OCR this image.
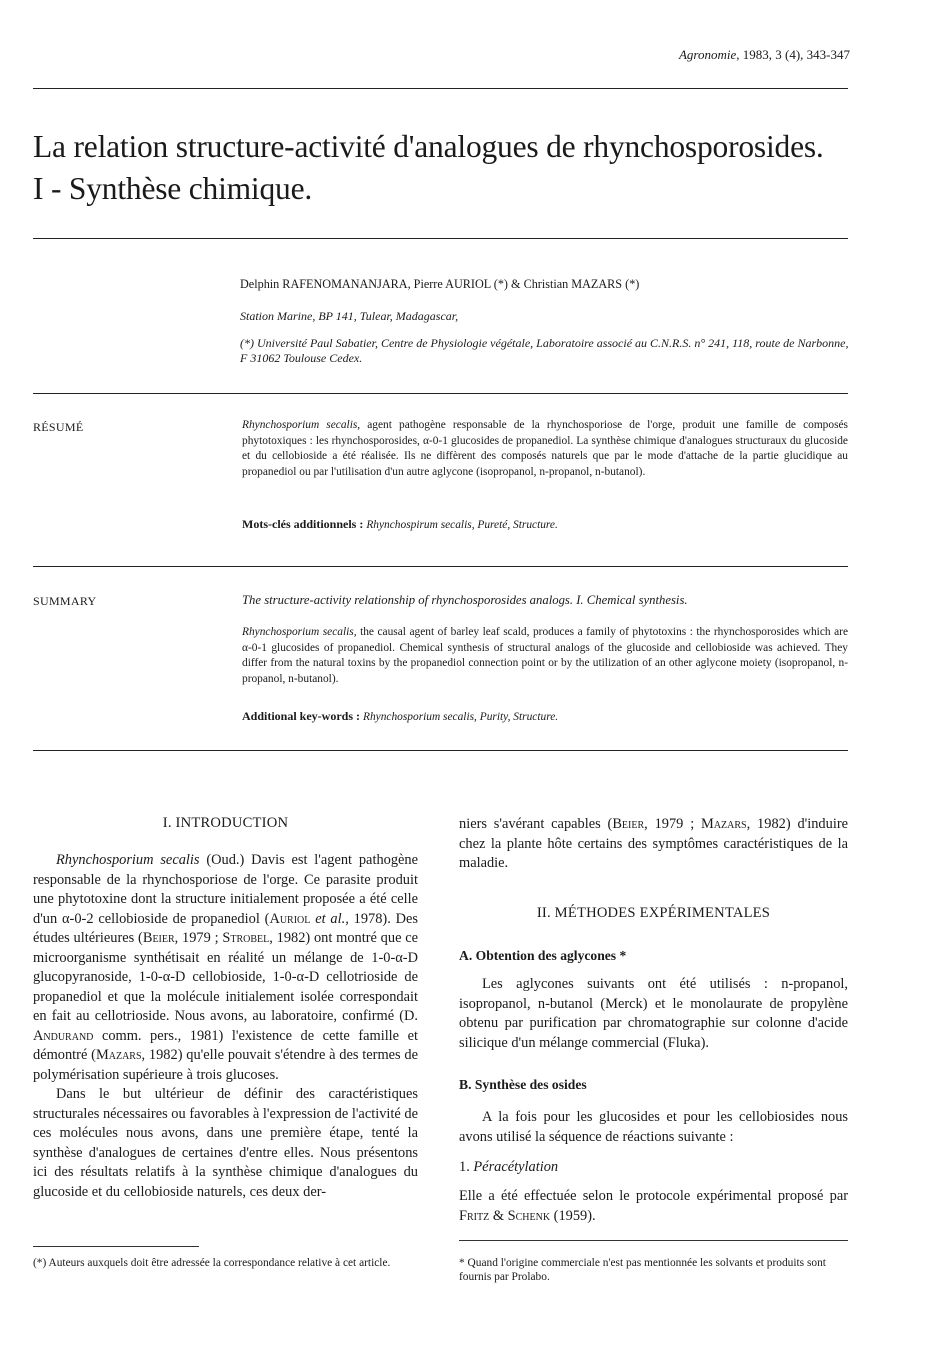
Agronomie, 1983, 3 (4), 343-347
La relation structure-activité d'analogues de rhynchosporosides.
I - Synthèse chimique.
Delphin RAFENOMANANJARA, Pierre AURIOL (*) & Christian MAZARS (*)
Station Marine, BP 141, Tulear, Madagascar,
(*) Université Paul Sabatier, Centre de Physiologie végétale, Laboratoire associé au C.N.R.S. n° 241, 118, route de Narbonne, F 31062 Toulouse Cedex.
RÉSUMÉ	Rhynchosporium secalis, agent pathogène responsable de la rhynchosporiose de l'orge, produit une famille de composés phytotoxiques : les rhynchosporosides, α-0-1 glucosides de propanediol. La synthèse chimique d'analogues structuraux du glucoside et du cellobioside a été réalisée. Ils ne diffèrent des composés naturels que par le mode d'attache de la partie glucidique au propanediol ou par l'utilisation d'un autre aglycone (isopropanol, n-propanol, n-butanol).
Mots-clés additionnels : Rhynchospirum secalis, Pureté, Structure.
SUMMARY	The structure-activity relationship of rhynchosporosides analogs. I. Chemical synthesis.
Rhynchosporium secalis, the causal agent of barley leaf scald, produces a family of phytotoxins : the rhynchosporosides which are α-0-1 glucosides of propanediol. Chemical synthesis of structural analogs of the glucoside and cellobioside was achieved. They differ from the natural toxins by the propanediol connection point or by the utilization of an other aglycone moiety (isopropanol, n-propanol, n-butanol).
Additional key-words : Rhynchosporium secalis, Purity, Structure.
I. INTRODUCTION

Rhynchosporium secalis (Oud.) Davis est l'agent pathogène responsable de la rhynchosporiose de l'orge. Ce parasite produit une phytotoxine dont la structure initialement proposée a été celle d'un α-0-2 cellobioside de propanediol (Auriol et al., 1978). Des études ultérieures (Beier, 1979 ; Strobel, 1982) ont montré que ce microorganisme synthétisait en réalité un mélange de 1-0-α-D glucopyranoside, 1-0-α-D cellobioside, 1-0-α-D cellotrioside de propanediol et que la molécule initialement isolée correspondait en fait au cellotrioside. Nous avons, au laboratoire, confirmé (D. Andurand comm. pers., 1981) l'existence de cette famille et démontré (Mazars, 1982) qu'elle pouvait s'étendre à des termes de polymérisation supérieure à trois glucoses.

Dans le but ultérieur de définir des caractéristiques structurales nécessaires ou favorables à l'expression de l'activité de ces molécules nous avons, dans une première étape, tenté la synthèse d'analogues de certaines d'entre elles. Nous présentons ici des résultats relatifs à la synthèse chimique d'analogues du glucoside et du cellobioside naturels, ces deux der-

(*) Auteurs auxquels doit être adressée la correspondance relative à cet article.

niers s'avérant capables (Beier, 1979 ; Mazars, 1982) d'induire chez la plante hôte certains des symptômes caractéristiques de la maladie.

II. MÉTHODES EXPÉRIMENTALES
A. Obtention des aglycones *

Les aglycones suivants ont été utilisés : n-propanol, isopropanol, n-butanol (Merck) et le monolaurate de propylène obtenu par purification par chromatographie sur colonne d'acide silicique d'un mélange commercial (Fluka).

B. Synthèse des osides

A la fois pour les glucosides et pour les cellobiosides nous avons utilisé la séquence de réactions suivante :

1. Péracétylation

Elle a été effectuée selon le protocole expérimental proposé par Fritz & Schenk (1959).

* Quand l'origine commerciale n'est pas mentionnée les solvants et produits sont fournis par Prolabo.
